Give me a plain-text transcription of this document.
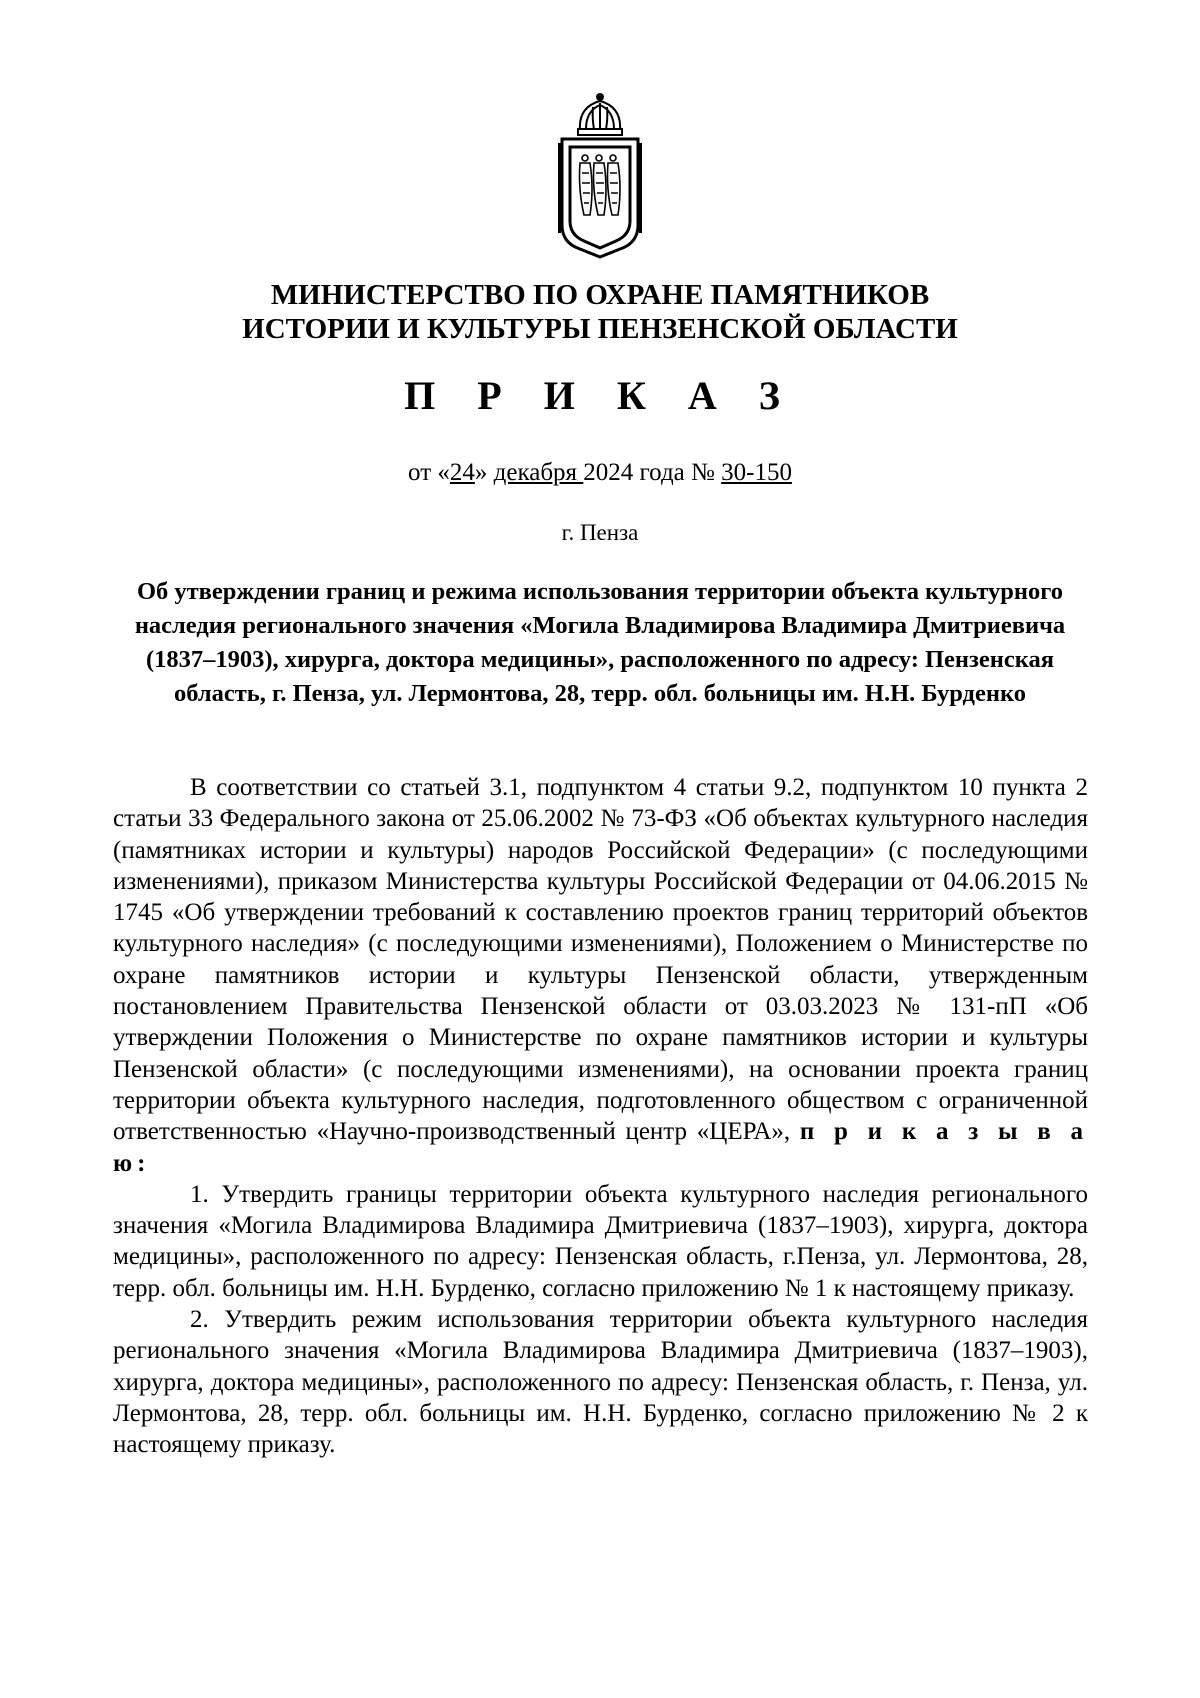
МИНИСТЕРСТВО ПО ОХРАНЕ ПАМЯТНИКОВ
ИСТОРИИ И КУЛЬТУРЫ ПЕНЗЕНСКОЙ ОБЛАСТИ
П Р И К А З
от «24» декабря 2024 года № 30-150
г. Пенза
Об утверждении границ и режима использования территории объекта культурного наследия регионального значения «Могила Владимирова Владимира Дмитриевича (1837–1903), хирурга, доктора медицины», расположенного по адресу: Пензенская область, г. Пенза, ул. Лермонтова, 28, терр. обл. больницы им. Н.Н. Бурденко

В соответствии со статьей 3.1, подпунктом 4 статьи 9.2, подпунктом 10 пункта 2 статьи 33 Федерального закона от 25.06.2002 № 73-ФЗ «Об объектах культурного наследия (памятниках истории и культуры) народов Российской Федерации» (с последующими изменениями), приказом Министерства культуры Российской Федерации от 04.06.2015 № 1745 «Об утверждении требований к составлению проектов границ территорий объектов культурного наследия» (с последующими изменениями), Положением о Министерстве по охране памятников истории и культуры Пензенской области, утвержденным постановлением Правительства Пензенской области от 03.03.2023 № 131-пП «Об утверждении Положения о Министерстве по охране памятников истории и культуры Пензенской области» (с последующими изменениями), на основании проекта границ территории объекта культурного наследия, подготовленного обществом с ограниченной ответственностью «Научно-производственный центр «ЦЕРА», п р и к а з ы в а ю:

1. Утвердить границы территории объекта культурного наследия регионального значения «Могила Владимирова Владимира Дмитриевича (1837–1903), хирурга, доктора медицины», расположенного по адресу: Пензенская область, г.Пенза, ул. Лермонтова, 28, терр. обл. больницы им. Н.Н. Бурденко, согласно приложению № 1 к настоящему приказу.

2. Утвердить режим использования территории объекта культурного наследия регионального значения «Могила Владимирова Владимира Дмитриевича (1837–1903), хирурга, доктора медицины», расположенного по адресу: Пензенская область, г. Пенза, ул. Лермонтова, 28, терр. обл. больницы им. Н.Н. Бурденко, согласно приложению № 2 к настоящему приказу.
